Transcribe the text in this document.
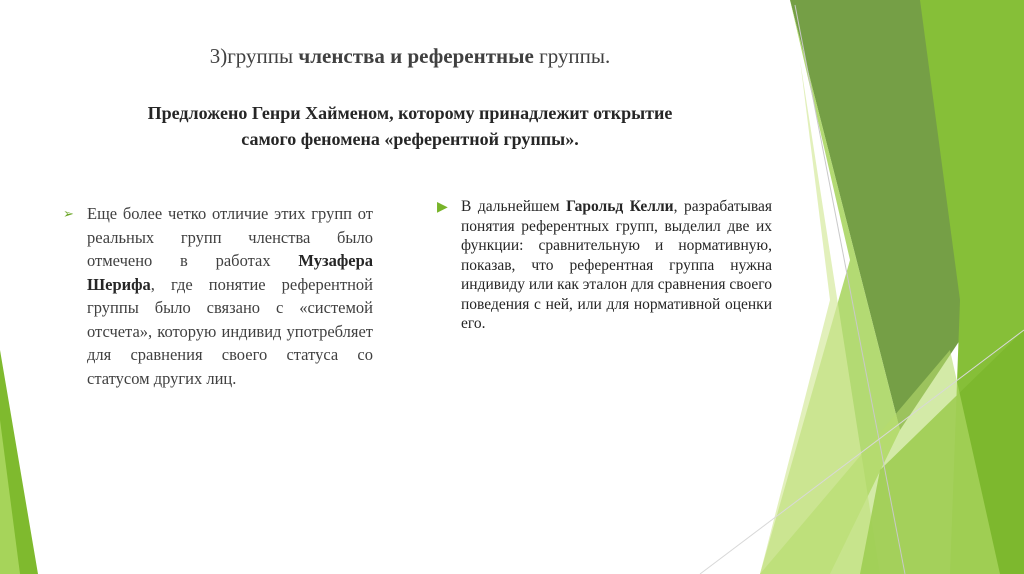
3)группы членства и референтные группы.
Предложено Генри Хайменом, которому принадлежит открытие
самого феномена «референтной группы».
➢ Еще более четко отличие этих групп от реальных групп членства было отмечено в работах Музафера Шерифа, где понятие референтной группы было связано с «системой отсчета», которую индивид употребляет для сравнения своего статуса со статусом других лиц.
▶ В дальнейшем Гарольд Келли, разрабатывая понятия референтных групп, выделил две их функции: сравнительную и нормативную, показав, что референтная группа нужна индивиду или как эталон для сравнения своего поведения с ней, или для нормативной оценки его.
